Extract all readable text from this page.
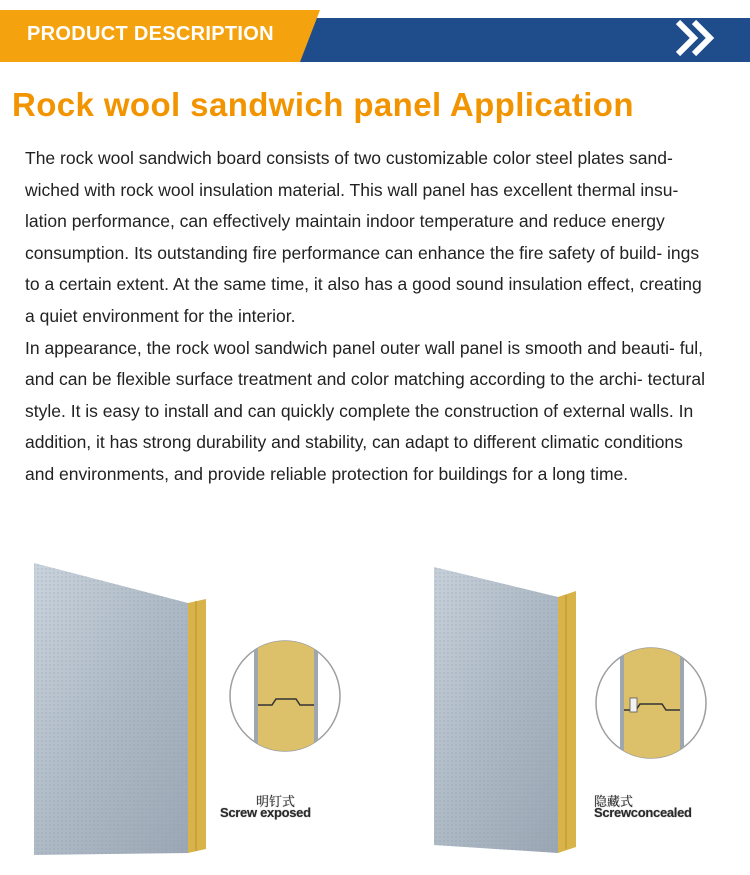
PRODUCT DESCRIPTION
Rock wool sandwich panel Application

The rock wool sandwich board consists of two customizable color steel plates sand- wiched with rock wool insulation material. This wall panel has excellent thermal insu- lation performance, can effectively maintain indoor temperature and reduce energy consumption. Its outstanding fire performance can enhance the fire safety of build- ings to a certain extent. At the same time, it also has a good sound insulation effect, creating a quiet environment for the interior.

In appearance, the rock wool sandwich panel outer wall panel is smooth and beauti- ful, and can be flexible surface treatment and color matching according to the archi- tectural style. It is easy to install and can quickly complete the construction of external walls. In addition, it has strong durability and stability, can adapt to different climatic conditions and environments, and provide reliable protection for buildings for a long time.

明钉式
Screw exposed
隐藏式
Screwconcealed
